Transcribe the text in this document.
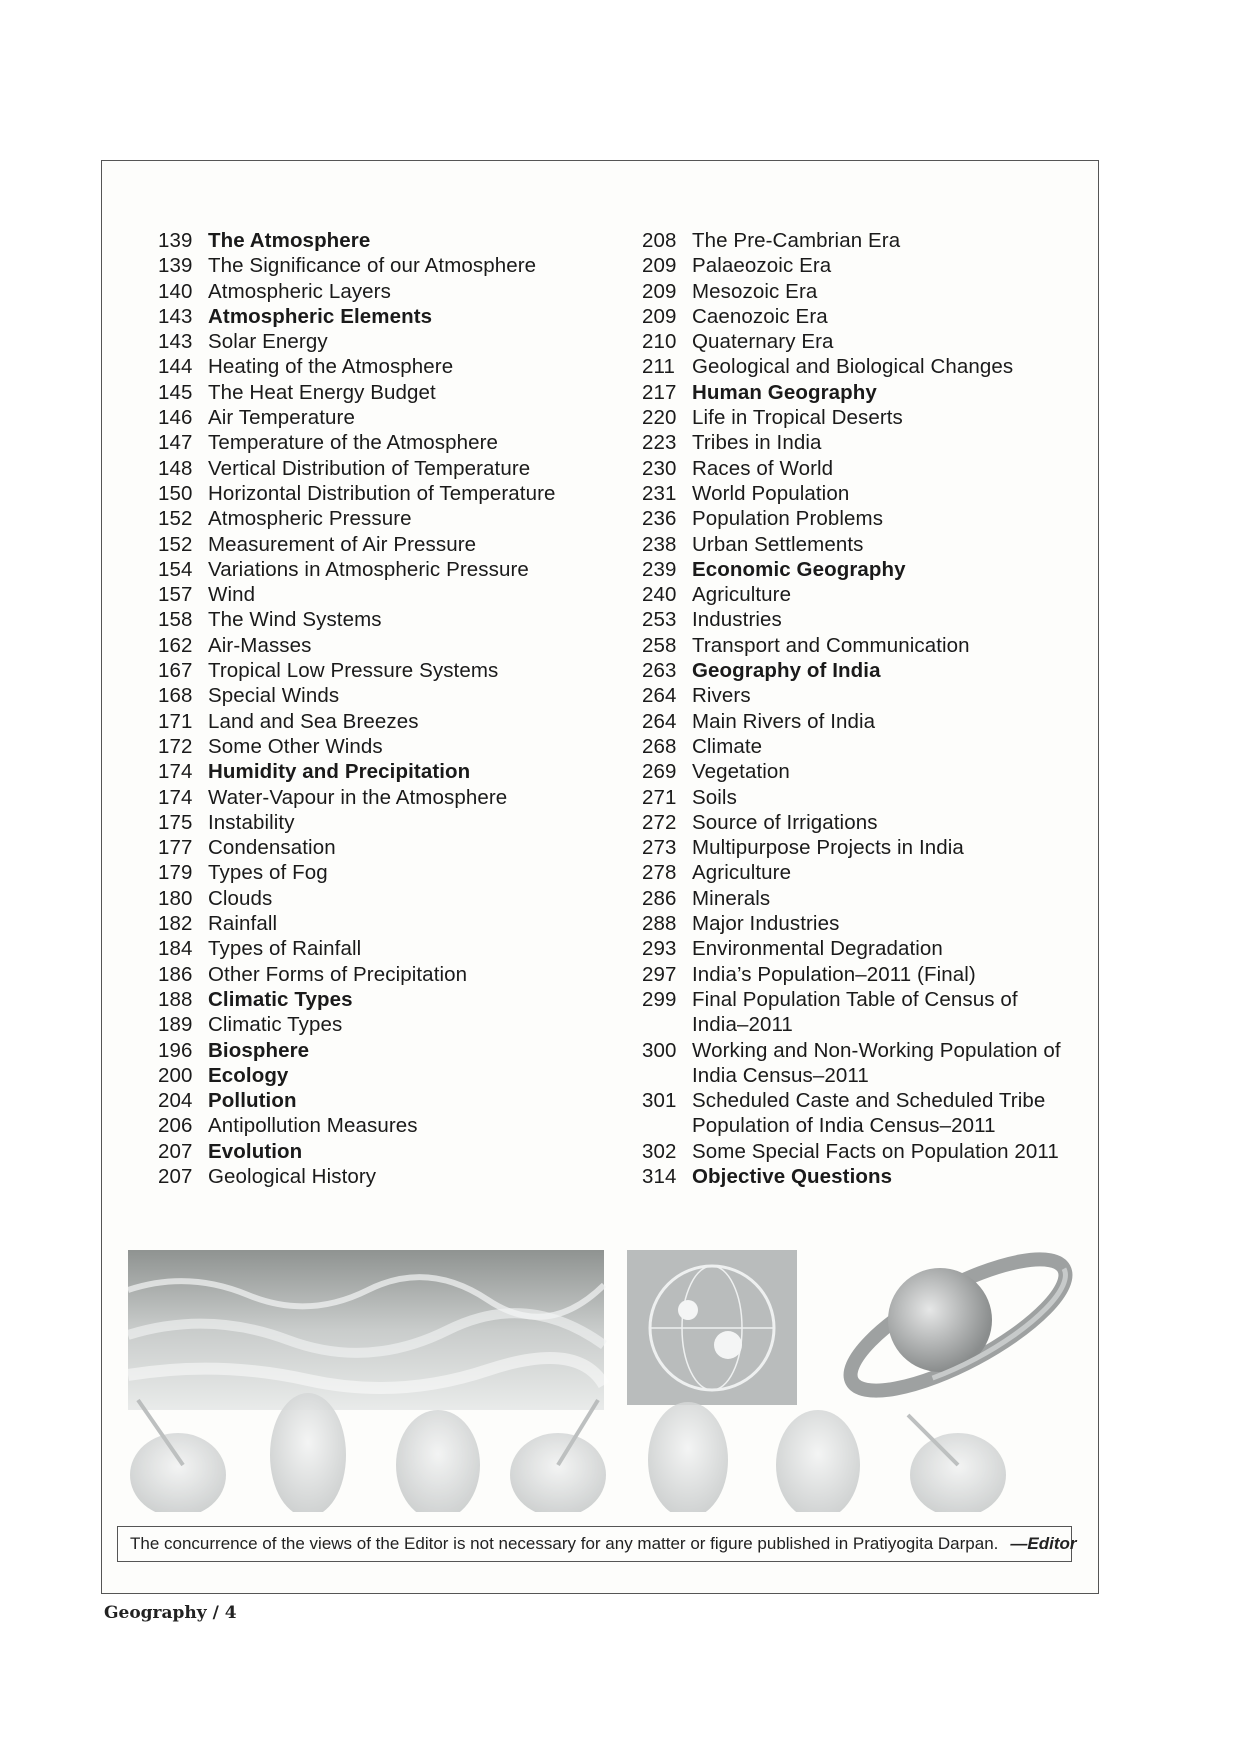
139 The Atmosphere
139 The Significance of our Atmosphere
140 Atmospheric Layers
143 Atmospheric Elements
143 Solar Energy
144 Heating of the Atmosphere
145 The Heat Energy Budget
146 Air Temperature
147 Temperature of the Atmosphere
148 Vertical Distribution of Temperature
150 Horizontal Distribution of Temperature
152 Atmospheric Pressure
152 Measurement of Air Pressure
154 Variations in Atmospheric Pressure
157 Wind
158 The Wind Systems
162 Air-Masses
167 Tropical Low Pressure Systems
168 Special Winds
171 Land and Sea Breezes
172 Some Other Winds
174 Humidity and Precipitation
174 Water-Vapour in the Atmosphere
175 Instability
177 Condensation
179 Types of Fog
180 Clouds
182 Rainfall
184 Types of Rainfall
186 Other Forms of Precipitation
188 Climatic Types
189 Climatic Types
196 Biosphere
200 Ecology
204 Pollution
206 Antipollution Measures
207 Evolution
207 Geological History
208 The Pre-Cambrian Era
209 Palaeozoic Era
209 Mesozoic Era
209 Caenozoic Era
210 Quaternary Era
211 Geological and Biological Changes
217 Human Geography
220 Life in Tropical Deserts
223 Tribes in India
230 Races of World
231 World Population
236 Population Problems
238 Urban Settlements
239 Economic Geography
240 Agriculture
253 Industries
258 Transport and Communication
263 Geography of India
264 Rivers
264 Main Rivers of India
268 Climate
269 Vegetation
271 Soils
272 Source of Irrigations
273 Multipurpose Projects in India
278 Agriculture
286 Minerals
288 Major Industries
293 Environmental Degradation
297 India’s Population–2011 (Final)
299 Final Population Table of Census of India–2011
300 Working and Non-Working Population of India Census–2011
301 Scheduled Caste and Scheduled Tribe Population of India Census–2011
302 Some Special Facts on Population 2011
314 Objective Questions
The concurrence of the views of the Editor is not necessary for any matter or figure published in Pratiyogita Darpan. —Editor
Geography / 4
